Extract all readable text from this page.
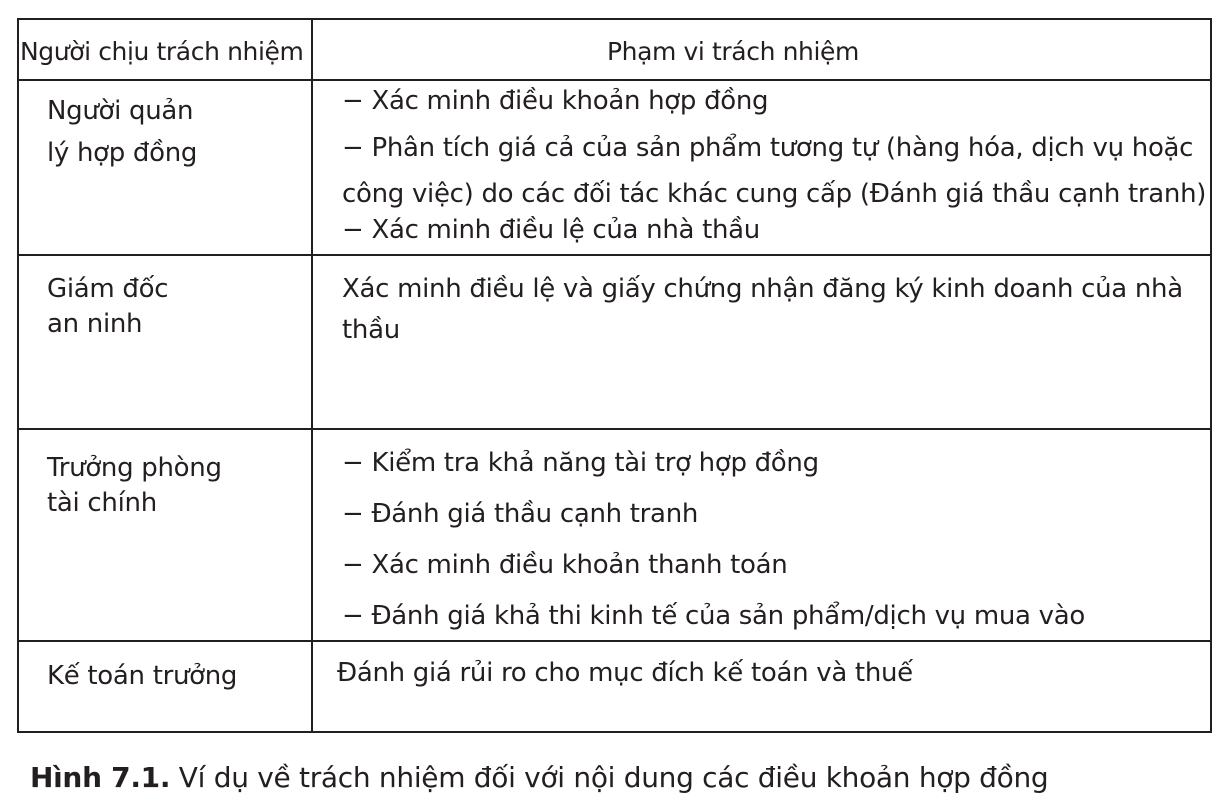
Người chịu trách nhiệm	Phạm vi trách nhiệm
Người quản
lý hợp đồng
− Xác minh điều khoản hợp đồng
− Phân tích giá cả của sản phẩm tương tự (hàng hóa, dịch vụ hoặc
công việc) do các đối tác khác cung cấp (Đánh giá thầu cạnh tranh)
− Xác minh điều lệ của nhà thầu
Giám đốc
an ninh
Xác minh điều lệ và giấy chứng nhận đăng ký kinh doanh của nhà
thầu
Trưởng phòng
tài chính
− Kiểm tra khả năng tài trợ hợp đồng
− Đánh giá thầu cạnh tranh
− Xác minh điều khoản thanh toán
− Đánh giá khả thi kinh tế của sản phẩm/dịch vụ mua vào
Kế toán trưởng	Đánh giá rủi ro cho mục đích kế toán và thuế
Hình 7.1. Ví dụ về trách nhiệm đối với nội dung các điều khoản hợp đồng
